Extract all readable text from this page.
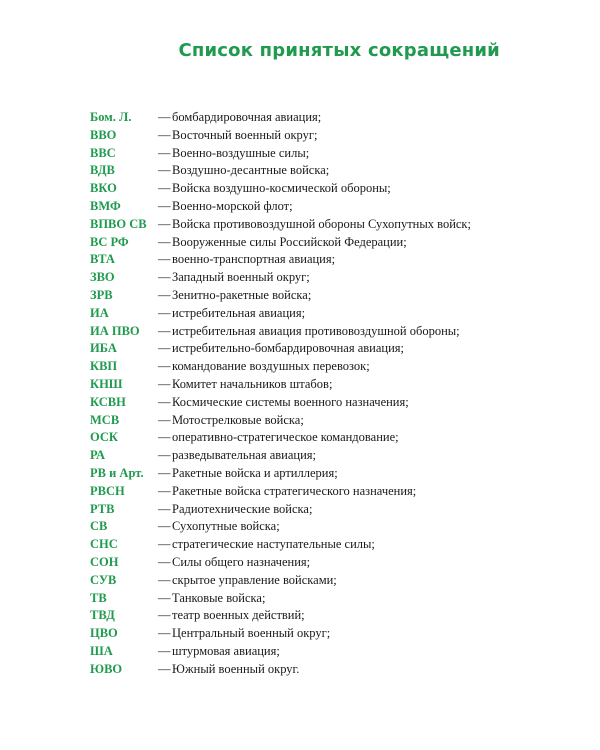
Список принятых сокращений
Бом. Л.	— бомбардировочная авиация;
ВВО	— Восточный военный округ;
ВВС	— Военно-воздушные силы;
ВДВ	— Воздушно-десантные войска;
ВКО	— Войска воздушно-космической обороны;
ВМФ	— Военно-морской флот;
ВПВО СВ — Войска противовоздушной обороны Сухопутных войск;
ВС РФ	— Вооруженные силы Российской Федерации;
ВТА	— военно-транспортная авиация;
ЗВО	— Западный военный округ;
ЗРВ	— Зенитно-ракетные войска;
ИА	— истребительная авиация;
ИА ПВО	— истребительная авиация противовоздушной обороны;
ИБА	— истребительно-бомбардировочная авиация;
КВП	— командование воздушных перевозок;
КНШ	— Комитет начальников штабов;
КСВН	— Космические системы военного назначения;
МСВ	— Мотострелковые войска;
ОСК	— оперативно-стратегическое командование;
РА	— разведывательная авиация;
РВ и Арт.	— Ракетные войска и артиллерия;
РВСН	— Ракетные войска стратегического назначения;
РТВ	— Радиотехнические войска;
СВ	— Сухопутные войска;
СНС	— стратегические наступательные силы;
СОН	— Силы общего назначения;
СУВ	— скрытое управление войсками;
ТВ	— Танковые войска;
ТВД	— театр военных действий;
ЦВО	— Центральный военный округ;
ША	— штурмовая авиация;
ЮВО	— Южный военный округ.
